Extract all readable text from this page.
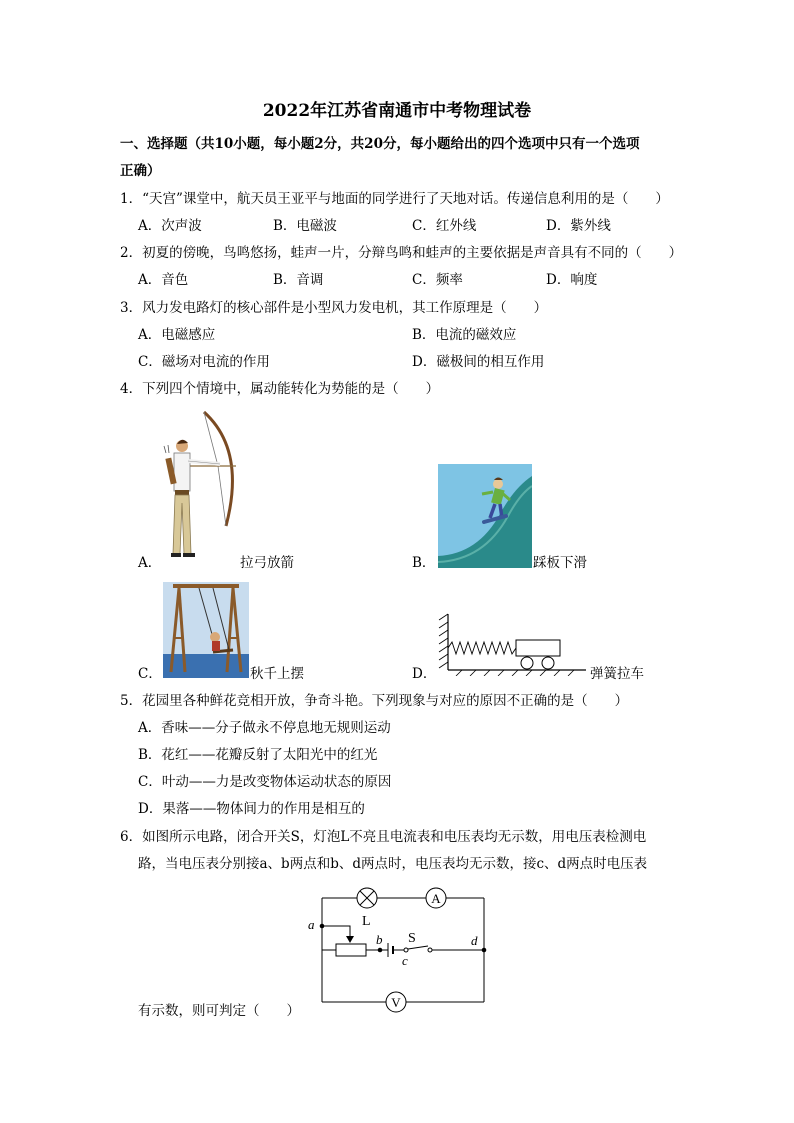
2022年江苏省南通市中考物理试卷
一、选择题（共10小题，每小题2分，共20分，每小题给出的四个选项中只有一个选项
正确）
1．“天宫”课堂中，航天员王亚平与地面的同学进行了天地对话。传递信息利用的是（　　）
A．次声波	B．电磁波	C．红外线	D．紫外线
2．初夏的傍晚，鸟鸣悠扬，蛙声一片，分辩鸟鸣和蛙声的主要依据是声音具有不同的（　　）
A．音色	B．音调	C．频率	D．响度
3．风力发电路灯的核心部件是小型风力发电机，其工作原理是（　　）
A．电磁感应	B．电流的磁效应
C．磁场对电流的作用	D．磁极间的相互作用
4．下列四个情境中，属动能转化为势能的是（　　）
A．	拉弓放箭	B．	踩板下滑
C．	秋千上摆	D．	弹簧拉车
5．花园里各种鲜花竞相开放，争奇斗艳。下列现象与对应的原因不正确的是（　　）
A．香味——分子做永不停息地无规则运动
B．花红——花瓣反射了太阳光中的红光
C．叶动——力是改变物体运动状态的原因
D．果落——物体间力的作用是相互的
6．如图所示电路，闭合开关S，灯泡L不亮且电流表和电压表均无示数，用电压表检测电
路，当电压表分别接a、b两点和b、d两点时，电压表均无示数，接c、d两点时电压表
A
V
L
S
a
b
c
d
有示数，则可判定（　　）
